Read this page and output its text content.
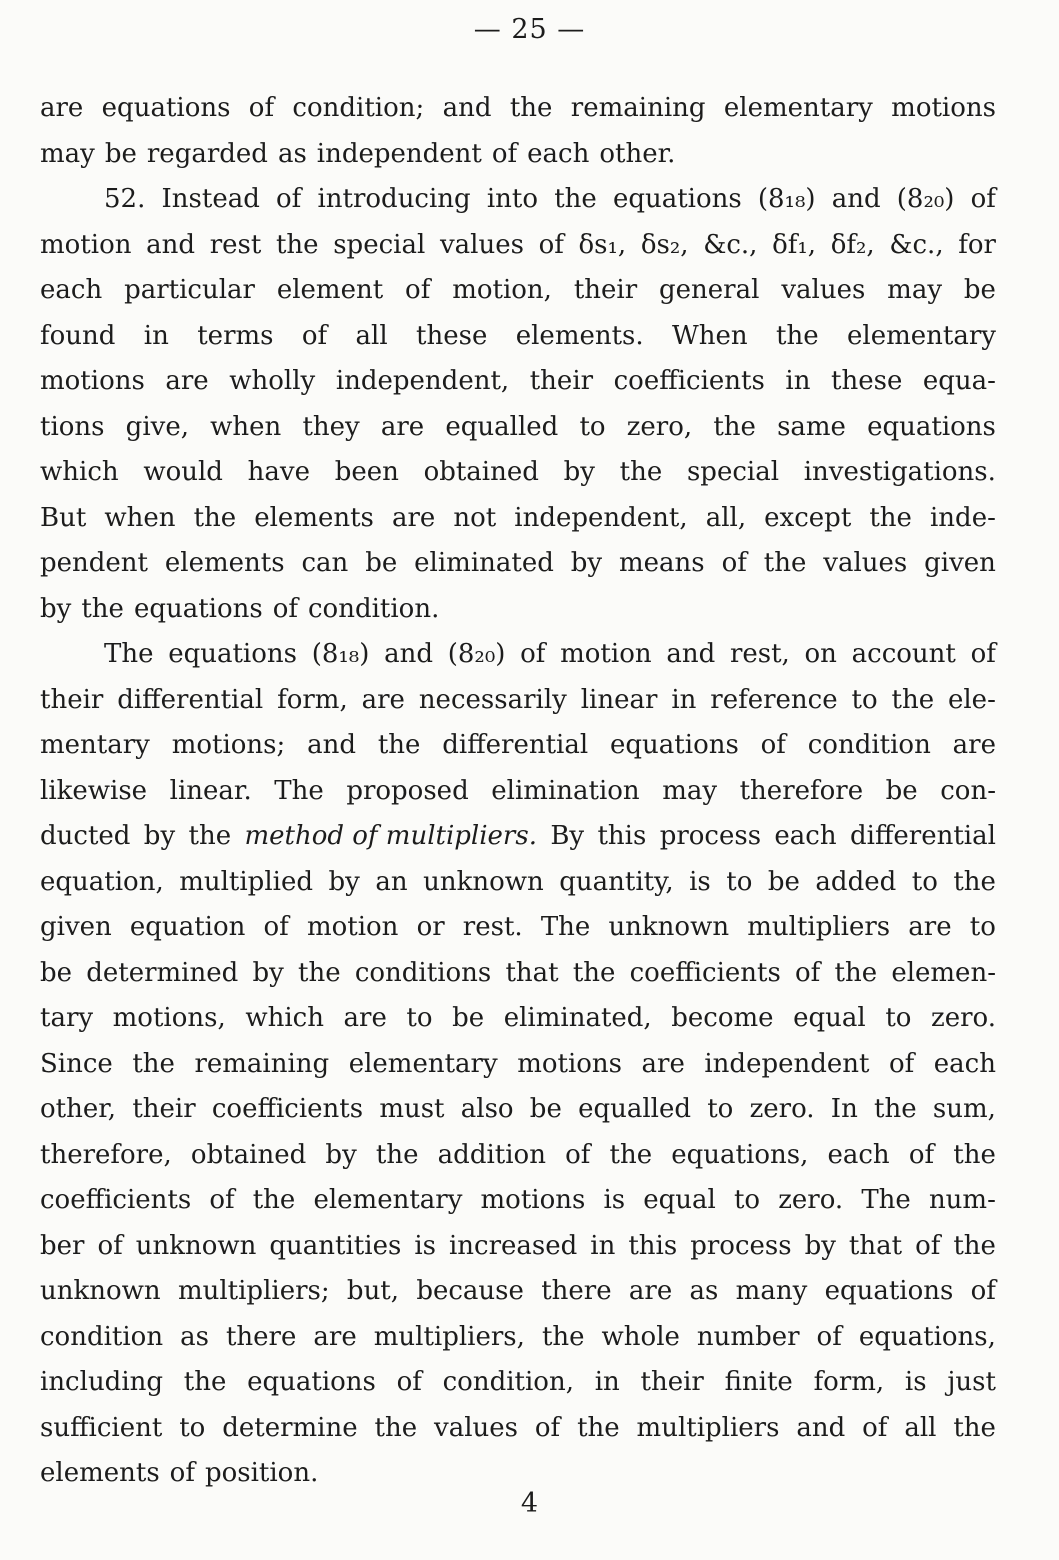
— 25 —
are equations of condition; and the remaining elementary motions
may be regarded as independent of each other.
52. Instead of introducing into the equations (8₁₈) and (8₂₀) of
motion and rest the special values of δs₁, δs₂, &c., δf₁, δf₂, &c., for
each particular element of motion, their general values may be
found in terms of all these elements. When the elementary
motions are wholly independent, their coefficients in these equa-
tions give, when they are equalled to zero, the same equations
which would have been obtained by the special investigations.
But when the elements are not independent, all, except the inde-
pendent elements can be eliminated by means of the values given
by the equations of condition.
The equations (8₁₈) and (8₂₀) of motion and rest, on account of
their differential form, are necessarily linear in reference to the ele-
mentary motions; and the differential equations of condition are
likewise linear. The proposed elimination may therefore be con-
ducted by the method of multipliers. By this process each differential
equation, multiplied by an unknown quantity, is to be added to the
given equation of motion or rest. The unknown multipliers are to
be determined by the conditions that the coefficients of the elemen-
tary motions, which are to be eliminated, become equal to zero.
Since the remaining elementary motions are independent of each
other, their coefficients must also be equalled to zero. In the sum,
therefore, obtained by the addition of the equations, each of the
coefficients of the elementary motions is equal to zero. The num-
ber of unknown quantities is increased in this process by that of the
unknown multipliers; but, because there are as many equations of
condition as there are multipliers, the whole number of equations,
including the equations of condition, in their finite form, is just
sufficient to determine the values of the multipliers and of all the
elements of position.
4
